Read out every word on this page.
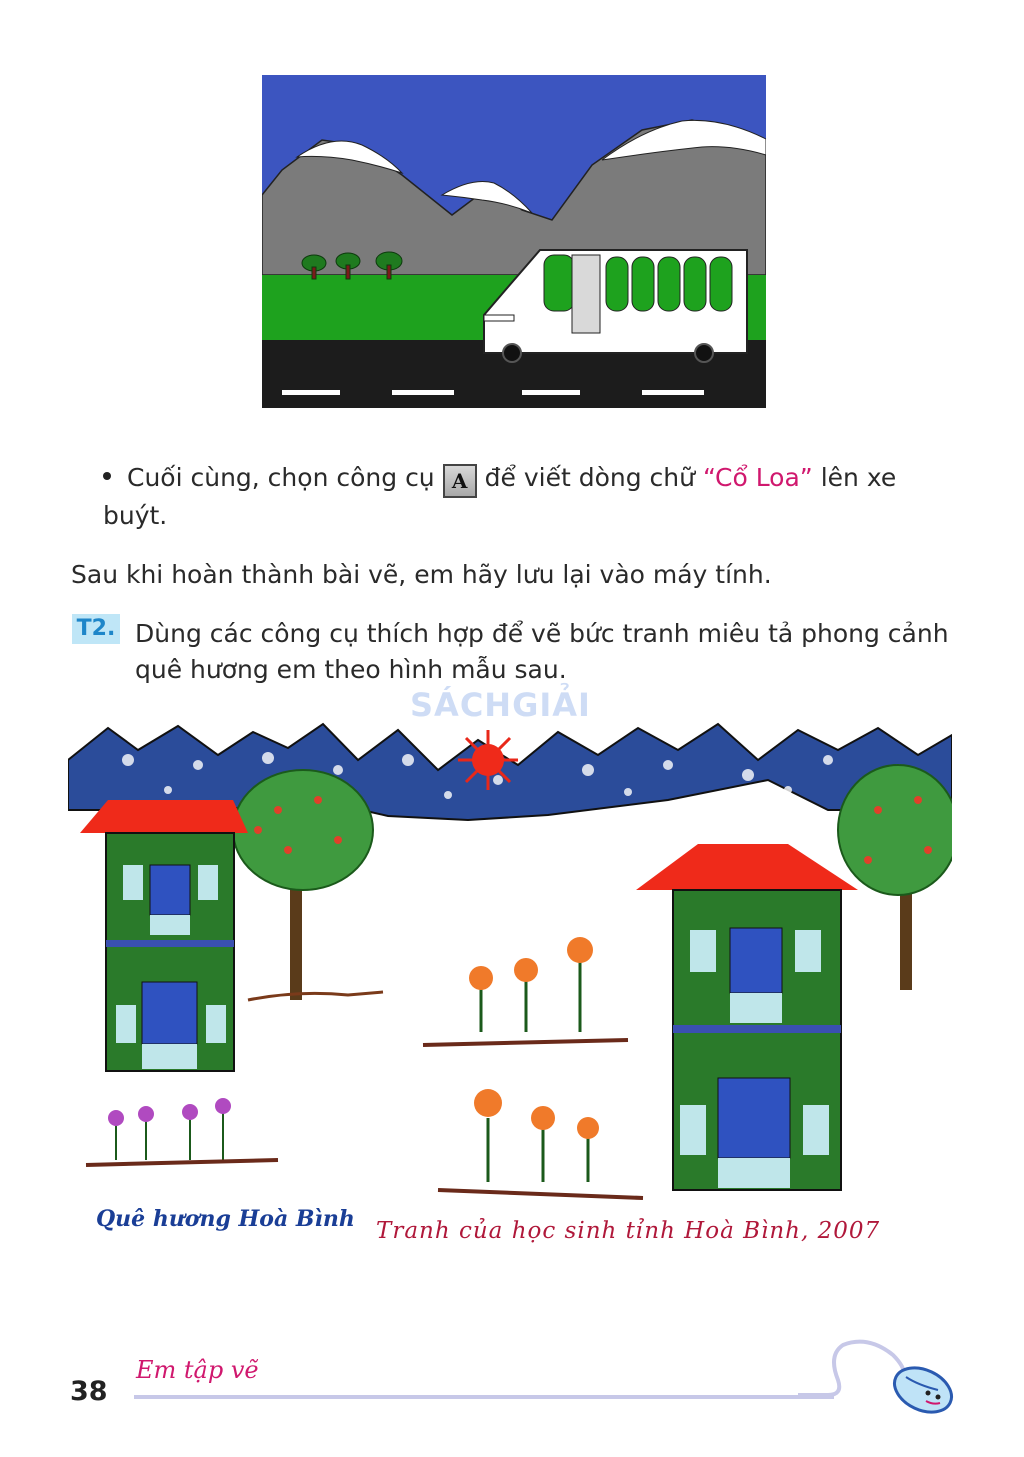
Cuối cùng, chọn công cụ A để viết dòng chữ “Cổ Loa” lên xe buýt.
Sau khi hoàn thành bài vẽ, em hãy lưu lại vào máy tính.
T2. Dùng các công cụ thích hợp để vẽ bức tranh miêu tả phong cảnh
quê hương em theo hình mẫu sau.
SÁCHGIẢI
Quê hương Hoà Bình Tranh của học sinh tỉnh Hoà Bình, 2007
38
Em tập vẽ
